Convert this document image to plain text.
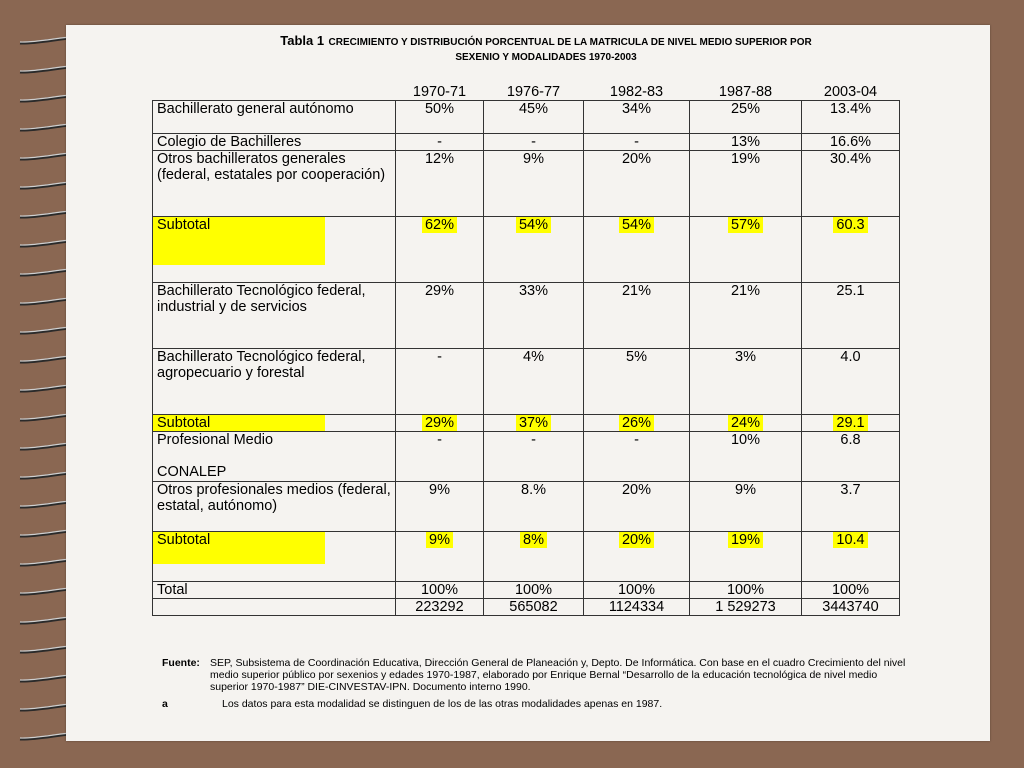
Tabla 1 CRECIMIENTO Y DISTRIBUCIÓN PORCENTUAL DE LA MATRICULA DE NIVEL MEDIO SUPERIOR POR
SEXENIO Y MODALIDADES 1970-2003
	1970-71	1976-77	1982-83	1987-88	2003-04
Bachillerato general autónomo	50%	45%	34%	25%	13.4%
Colegio de Bachilleres	-	-	-	13%	16.6%
Otros bachilleratos generales (federal, estatales por cooperación)	12%	9%	20%	19%	30.4%
Subtotal	62%	54%	54%	57%	60.3
Bachillerato Tecnológico federal, industrial y de servicios	29%	33%	21%	21%	25.1
Bachillerato Tecnológico federal, agropecuario y forestal	-	4%	5%	3%	4.0
Subtotal	29%	37%	26%	24%	29.1
Profesional Medio

CONALEP	-	-	-	10%	6.8
Otros profesionales medios (federal, estatal, autónomo)	9%	8.%	20%	9%	3.7
Subtotal	9%	8%	20%	19%	10.4
Total	100%	100%	100%	100%	100%
	223292	565082	1124334	1 529273	3443740
Fuente: SEP, Subsistema de Coordinación Educativa, Dirección General de Planeación y, Depto. De Informática. Con base en el cuadro Crecimiento del nivel medio superior público por sexenios y edades 1970-1987, elaborado por Enrique Bernal “Desarrollo de la educación tecnológica de nivel medio superior 1970-1987” DIE-CINVESTAV-IPN. Documento interno 1990.
a	Los datos para esta modalidad se distinguen de los de las otras modalidades apenas en 1987.
